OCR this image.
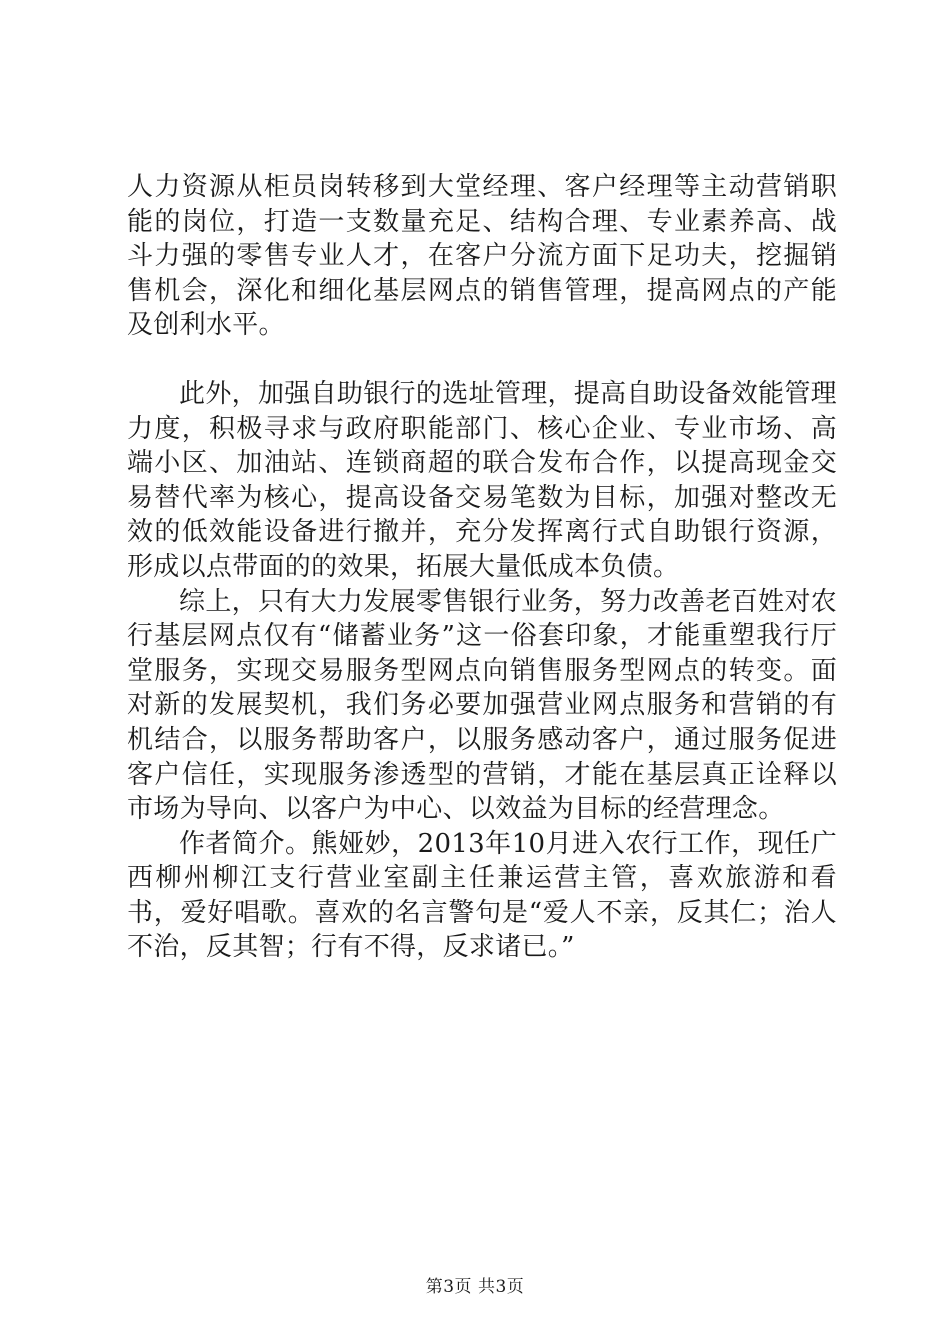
人力资源从柜员岗转移到大堂经理、客户经理等主动营销职能的岗位，打造一支数量充足、结构合理、专业素养高、战斗力强的零售专业人才，在客户分流方面下足功夫，挖掘销售机会，深化和细化基层网点的销售管理，提高网点的产能及创利水平。

此外，加强自助银行的选址管理，提高自助设备效能管理力度，积极寻求与政府职能部门、核心企业、专业市场、高端小区、加油站、连锁商超的联合发布合作，以提高现金交易替代率为核心，提高设备交易笔数为目标，加强对整改无效的低效能设备进行撤并，充分发挥离行式自助银行资源，形成以点带面的的效果，拓展大量低成本负债。

综上，只有大力发展零售银行业务，努力改善老百姓对农行基层网点仅有“储蓄业务”这一俗套印象，才能重塑我行厅堂服务，实现交易服务型网点向销售服务型网点的转变。面对新的发展契机，我们务必要加强营业网点服务和营销的有机结合，以服务帮助客户，以服务感动客户，通过服务促进客户信任，实现服务渗透型的营销，才能在基层真正诠释以市场为导向、以客户为中心、以效益为目标的经营理念。

作者简介。熊娅妙，2013年10月进入农行工作，现任广西柳州柳江支行营业室副主任兼运营主管，喜欢旅游和看书，爱好唱歌。喜欢的名言警句是“爱人不亲，反其仁；治人不治，反其智；行有不得，反求诸已。”

第3页 共3页
